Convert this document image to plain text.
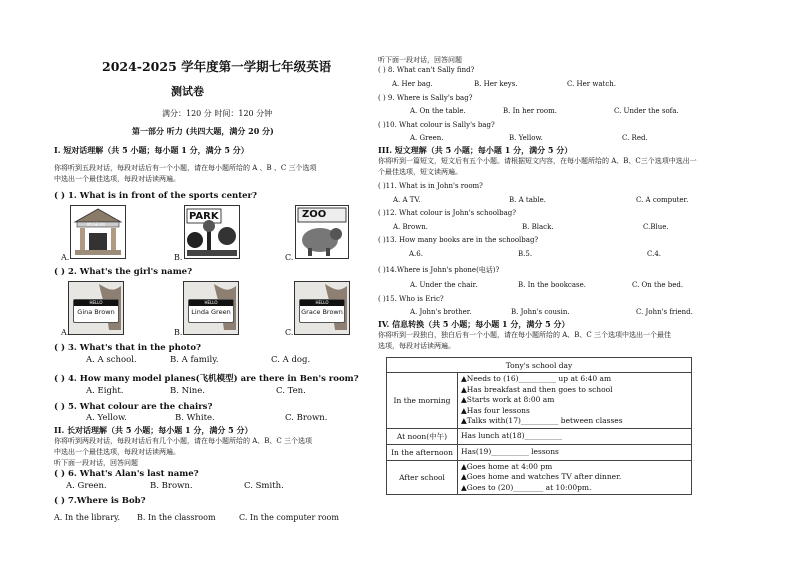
2024-2025 学年度第一学期七年级英语
测试卷
满分：120 分 时间：120 分钟
第一部分 听力 (共四大题，满分 20 分)
I. 短对话理解（共 5 小题；每小题 1 分，满分 5 分）
你将听到五段对话，每段对话后有一个小题，请在每小题所给的 A 、B 、C 三个选项
中选出一个最佳选项，每段对话读两遍。
( ) 1. What is in front of the sports center?
MUSEUM
A.
PARK
B.
ZOO
C.
( ) 2. What's the girl's name?
HELLO
Gina Brown
A.
HELLO
Linda Green
B.
HELLO
Grace Brown
C.
( ) 3. What's that in the photo?
A. A school.	B. A family.	C. A dog.
( ) 4. How many model planes(飞机模型) are there in Ben's room?
A. Eight.	B. Nine.	C. Ten.
( ) 5. What colour are the chairs?
A. Yellow.	B. White.	C. Brown.
II. 长对话理解（共 5 小题；每小题 1 分，满分 5 分）
你将听到两段对话，每段对话后有几个小题，请在每小题所给的 A、B、C 三个选项
中选出一个最佳选项，每段对话读两遍。
听下面一段对话，回答问题
( ) 6. What's Alan's last name?
A. Green.	B. Brown.	C. Smith.
( ) 7.Where is Bob?
A. In the library. B. In the classroom	C. In the computer room
听下面一段对话，回答问题
( ) 8. What can't Sally find?
A. Her bag.	B. Her keys.	C. Her watch.
( ) 9. Where is Sally's bag?
A. On the table.	B. In her room.	C. Under the sofa.
( )10. What colour is Sally's bag?
A. Green.	B. Yellow.	C. Red.
III. 短文理解（共 5 小题；每小题 1 分，满分 5 分）
你将听到一篇短文，短文后有五个小题。请根据短文内容，在每小题所给的 A、B、C三个选项中选出一
个最佳选项，短文读两遍。
( )11. What is in John's room?
A. A TV.	B. A table.	C. A computer.
( )12. What colour is John's schoolbag?
A. Brown.	B. Black.	C.Blue.
( )13. How many books are in the schoolbag?
A.6.	B.5.	C.4.
( )14.Where is John's phone(电话)?
A. Under the chair.	B. In the bookcase.	C. On the bed.
( )15. Who is Eric?
A. John's brother.	B. John's cousin.	C. John's friend.
IV. 信息转换（共 5 小题；每小题 1 分，满分 5 分）
你将听到一段独白，独白后有一个小题，请在每小题所给的 A、B、C 三个选项中选出一个最佳
选项，每段对话读两遍。
Tony's school day	
In the morning	▲Needs to (16)__________ up at 6:40 am
▲Has breakfast and then goes to school
▲Starts work at 8:00 am
▲Has four lessons
▲Talks with(17)__________ between classes

At noon(中午)	Has lunch at(18)__________

In the afternoon	Has(19)__________ lessons

After school	▲Goes home at 4:00 pm
▲Goes home and watches TV after dinner.
▲Goes to (20)________ at 10:00pm.
